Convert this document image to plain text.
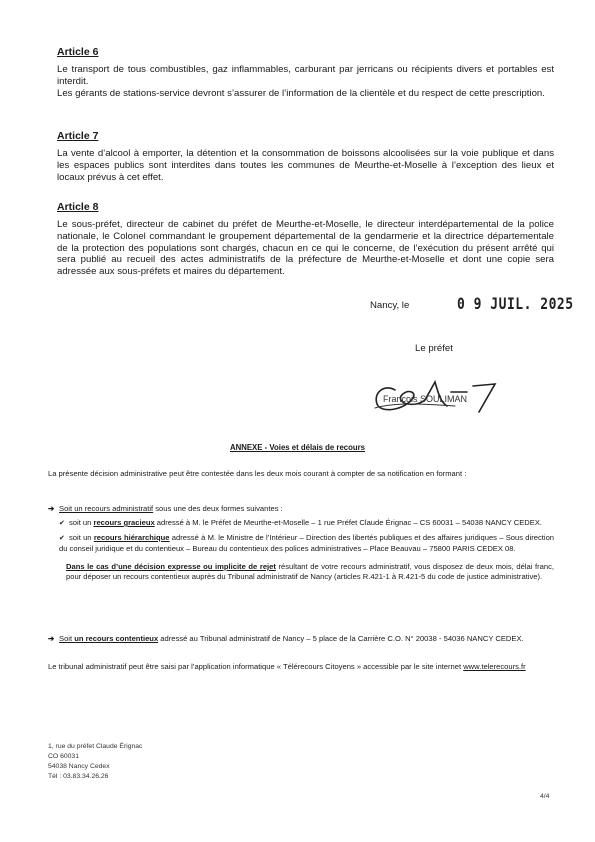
Article 6

Le transport de tous combustibles, gaz inflammables, carburant par jerricans ou récipients divers et portables est interdit.

Les gérants de stations-service devront s’assurer de l’information de la clientèle et du respect de cette prescription.

Article 7

La vente d’alcool à emporter, la détention et la consommation de boissons alcoolisées sur la voie publique et dans les espaces publics sont interdites dans toutes les communes de Meurthe-et-Moselle à l’exception des lieux et locaux prévus à cet effet.

Article 8

Le sous-préfet, directeur de cabinet du préfet de Meurthe-et-Moselle, le directeur interdépartemental de la police nationale, le Colonel commandant le groupement départemental de la gendarmerie et la directrice départementale de la protection des populations sont chargés, chacun en ce qui le concerne, de l’exécution du présent arrêté qui sera publié au recueil des actes administratifs de la préfecture de Meurthe-et-Moselle et dont une copie sera adressée aux sous-préfets et maires du département.

Nancy, le	0 9 JUIL. 2025
Le préfet
François SOULIMAN
ANNEXE - Voies et délais de recours

La présente décision administrative peut être contestée dans les deux mois courant à compter de sa notification en formant :

➔ Soit un recours administratif sous une des deux formes suivantes :

✔ soit un recours gracieux adressé à M. le Préfet de Meurthe-et-Moselle – 1 rue Préfet Claude Érignac – CS 60031 – 54038 NANCY CEDEX.

✔ soit un recours hiérarchique adressé à M. le Ministre de l’Intérieur – Direction des libertés publiques et des affaires juridiques – Sous direction du conseil juridique et du contentieux – Bureau du contentieux des polices administratives – Place Beauvau – 75800 PARIS CEDEX 08.

Dans le cas d’une décision expresse ou implicite de rejet résultant de votre recours administratif, vous disposez de deux mois, délai franc, pour déposer un recours contentieux auprès du Tribunal administratif de Nancy (articles R.421-1 à R.421-5 du code de justice administrative).

➔ Soit un recours contentieux adressé au Tribunal administratif de Nancy – 5 place de la Carrière C.O. N° 20038 - 54036 NANCY CEDEX.

Le tribunal administratif peut être saisi par l’application informatique « Télérecours Citoyens » accessible par le site internet www.telerecours.fr

1, rue du préfet Claude Érignac
CO 60031
54038 Nancy Cedex
Tél : 03.83.34.26.26
4/4
